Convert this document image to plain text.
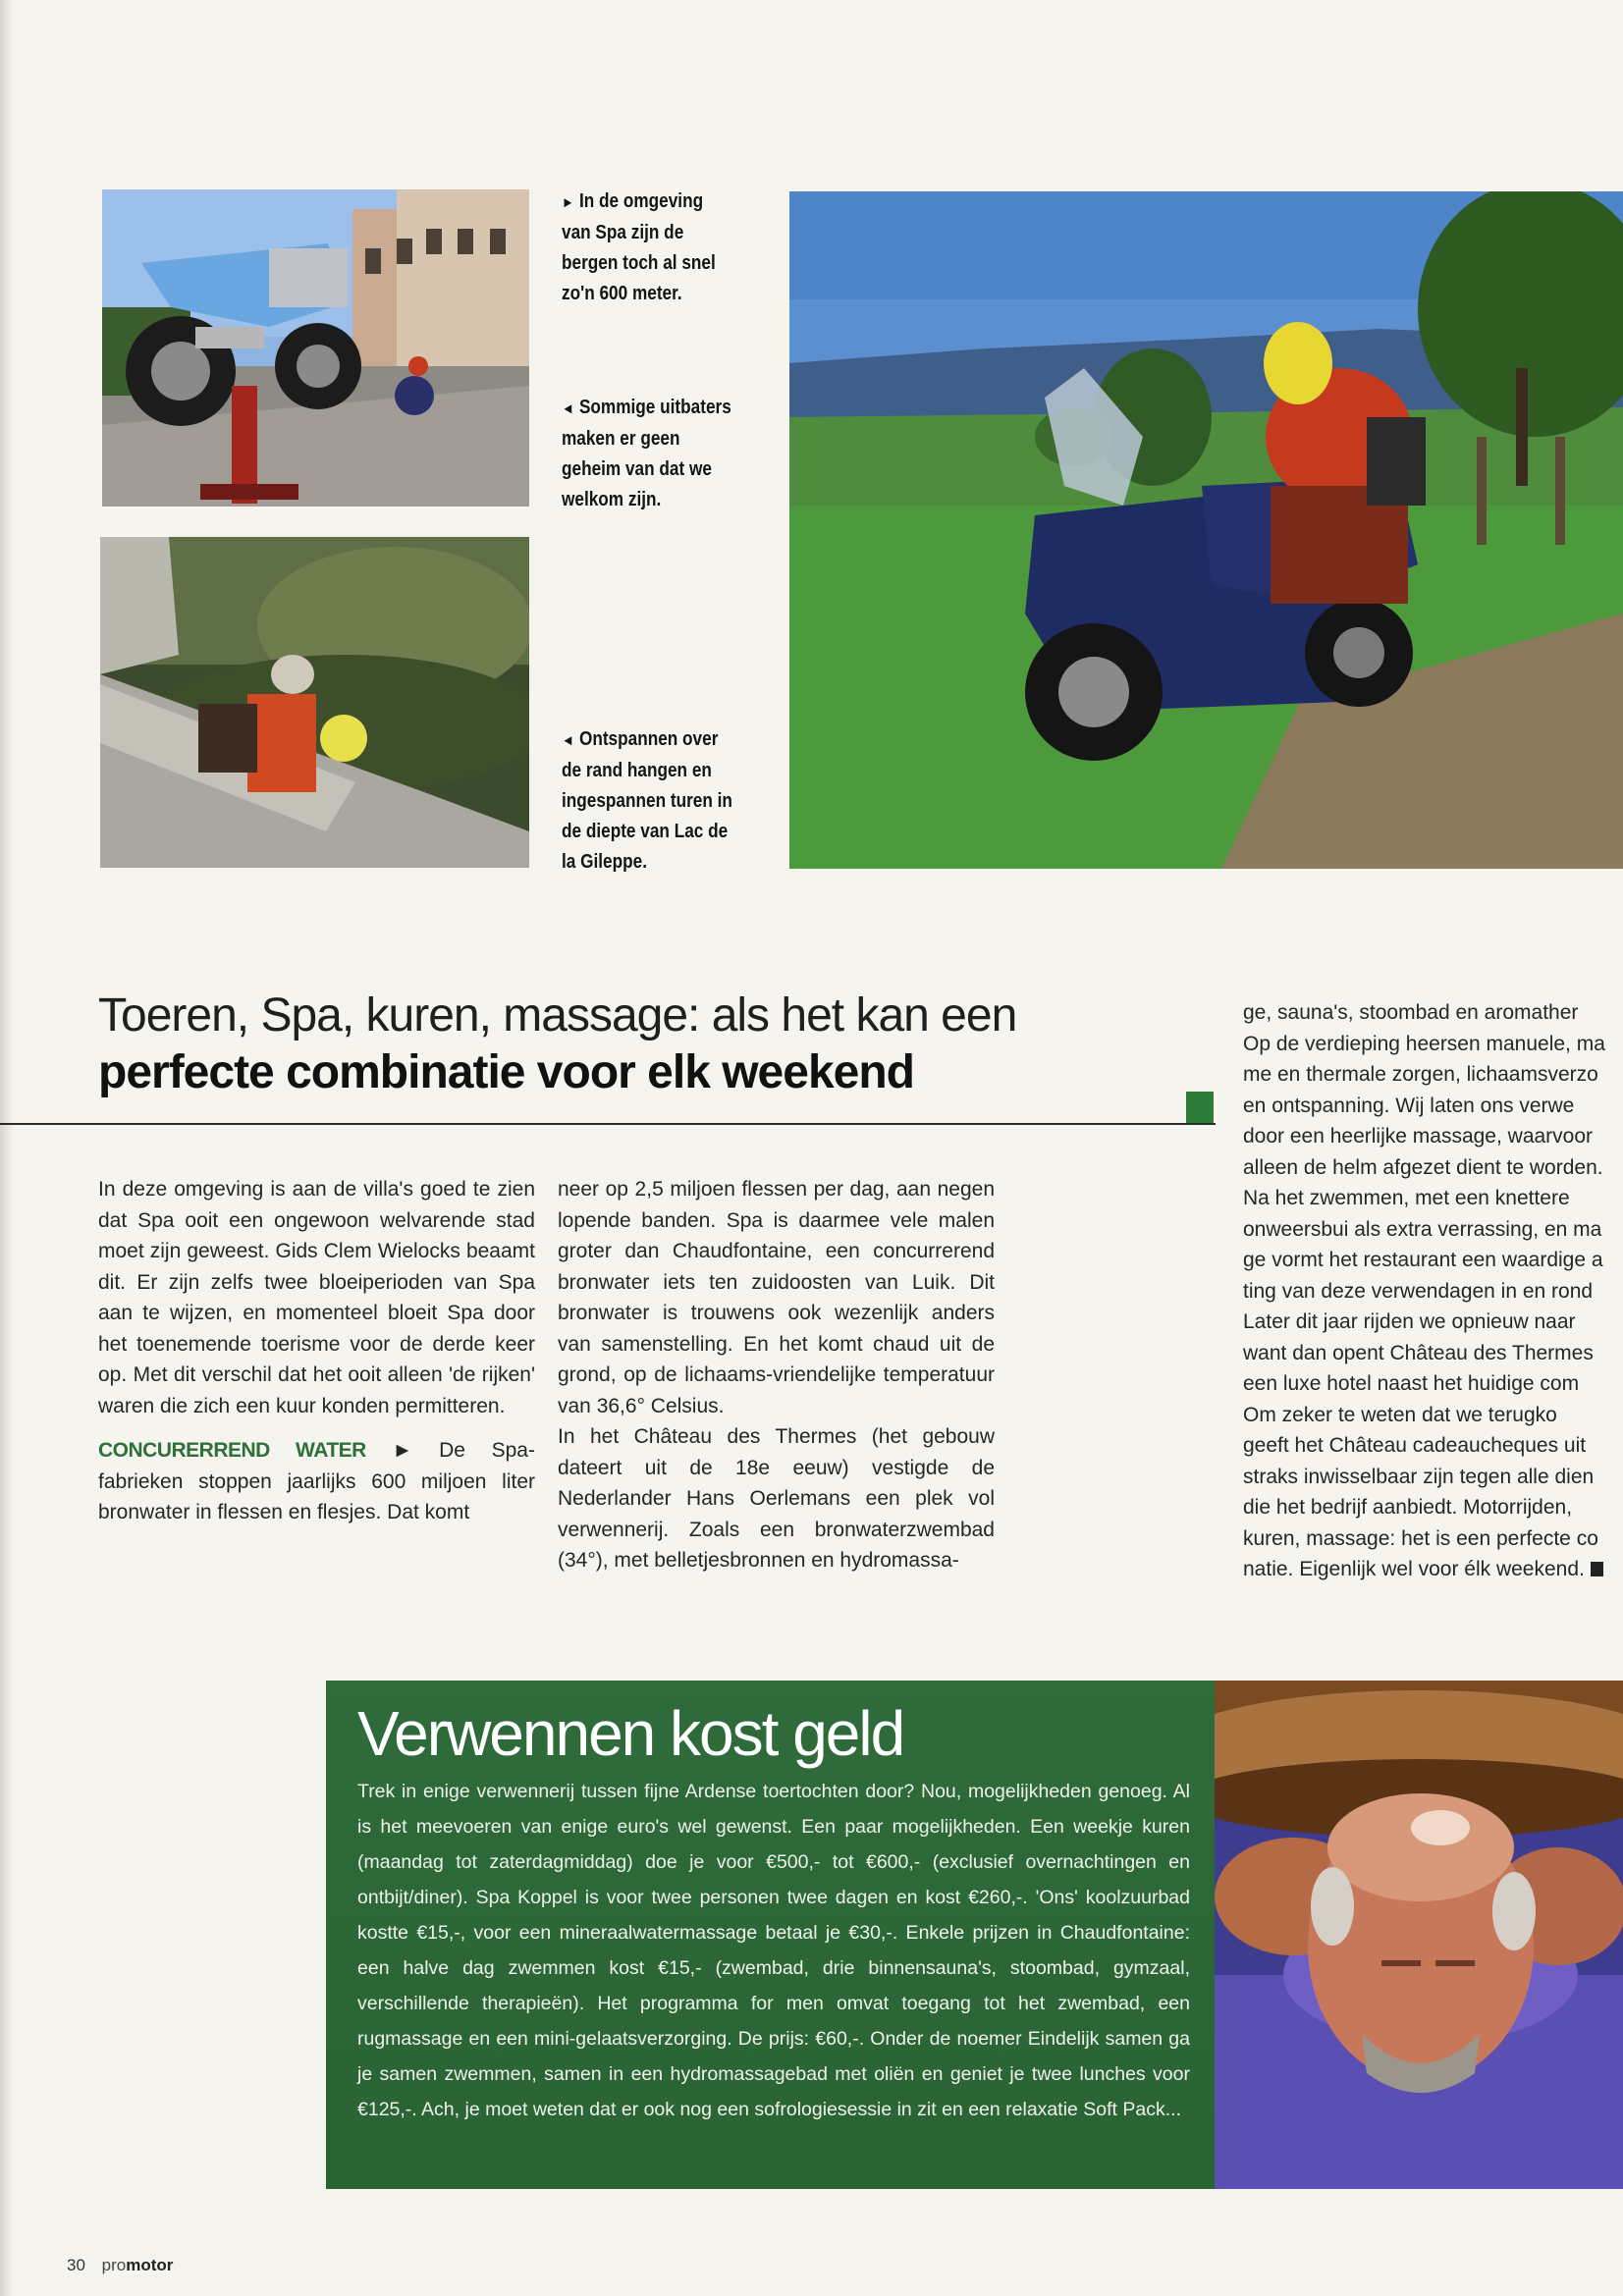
► In de omgeving van Spa zijn de bergen toch al snel zo'n 600 meter.
◄ Sommige uitbaters maken er geen geheim van dat we welkom zijn.
◄ Ontspannen over de rand hangen en ingespannen turen in de diepte van Lac de la Gileppe.
Toeren, Spa, kuren, massage: als het kan een
perfecte combinatie voor elk weekend

In deze omgeving is aan de villa's goed te zien dat Spa ooit een ongewoon welvarende stad moet zijn geweest. Gids Clem Wielocks beaamt dit. Er zijn zelfs twee bloeiperioden van Spa aan te wijzen, en momenteel bloeit Spa door het toenemende toerisme voor de derde keer op. Met dit verschil dat het ooit alleen 'de rijken' waren die zich een kuur konden permitteren.

CONCURERREND WATER ► De Spa-fabrieken stoppen jaarlijks 600 miljoen liter bronwater in flessen en flesjes. Dat komt

neer op 2,5 miljoen flessen per dag, aan negen lopende banden. Spa is daarmee vele malen groter dan Chaudfontaine, een concurrerend bronwater iets ten zuidoosten van Luik. Dit bronwater is trouwens ook wezenlijk anders van samenstelling. En het komt chaud uit de grond, op de lichaams-vriendelijke temperatuur van 36,6° Celsius.

In het Château des Thermes (het gebouw dateert uit de 18e eeuw) vestigde de Nederlander Hans Oerlemans een plek vol verwennerij. Zoals een bronwaterzwembad (34°), met belletjesbronnen en hydromassa-

ge, sauna's, stoombad en aromather
Op de verdieping heersen manuele, ma
me en thermale zorgen, lichaamsverzo
en ontspanning. Wij laten ons verwe
door een heerlijke massage, waarvoor
alleen de helm afgezet dient te worden.
Na het zwemmen, met een knettere
onweersbui als extra verrassing, en ma
ge vormt het restaurant een waardige a
ting van deze verwendagen in en rond
Later dit jaar rijden we opnieuw naar
want dan opent Château des Thermes
een luxe hotel naast het huidige com
Om zeker te weten dat we terugko
geeft het Château cadeaucheques uit
straks inwisselbaar zijn tegen alle dien
die het bedrijf aanbiedt. Motorrijden,
kuren, massage: het is een perfecte co
natie. Eigenlijk wel voor élk weekend.
Verwennen kost geld
Trek in enige verwennerij tussen fijne Ardense toertochten door? Nou, mogelijkheden genoeg. Al is het meevoeren van enige euro's wel gewenst. Een paar mogelijkheden. Een weekje kuren (maandag tot zaterdagmiddag) doe je voor €500,- tot €600,- (exclusief overnachtingen en ontbijt/diner). Spa Koppel is voor twee personen twee dagen en kost €260,-. 'Ons' koolzuurbad kostte €15,-, voor een mineraalwatermassage betaal je €30,-. Enkele prijzen in Chaudfontaine: een halve dag zwemmen kost €15,- (zwembad, drie binnensauna's, stoombad, gymzaal, verschillende therapieën). Het programma for men omvat toegang tot het zwembad, een rugmassage en een mini-gelaatsverzorging. De prijs: €60,-. Onder de noemer Eindelijk samen ga je samen zwemmen, samen in een hydromassagebad met oliën en geniet je twee lunches voor €125,-. Ach, je moet weten dat er ook nog een sofrologiesessie in zit en een relaxatie Soft Pack...
30 promotor
